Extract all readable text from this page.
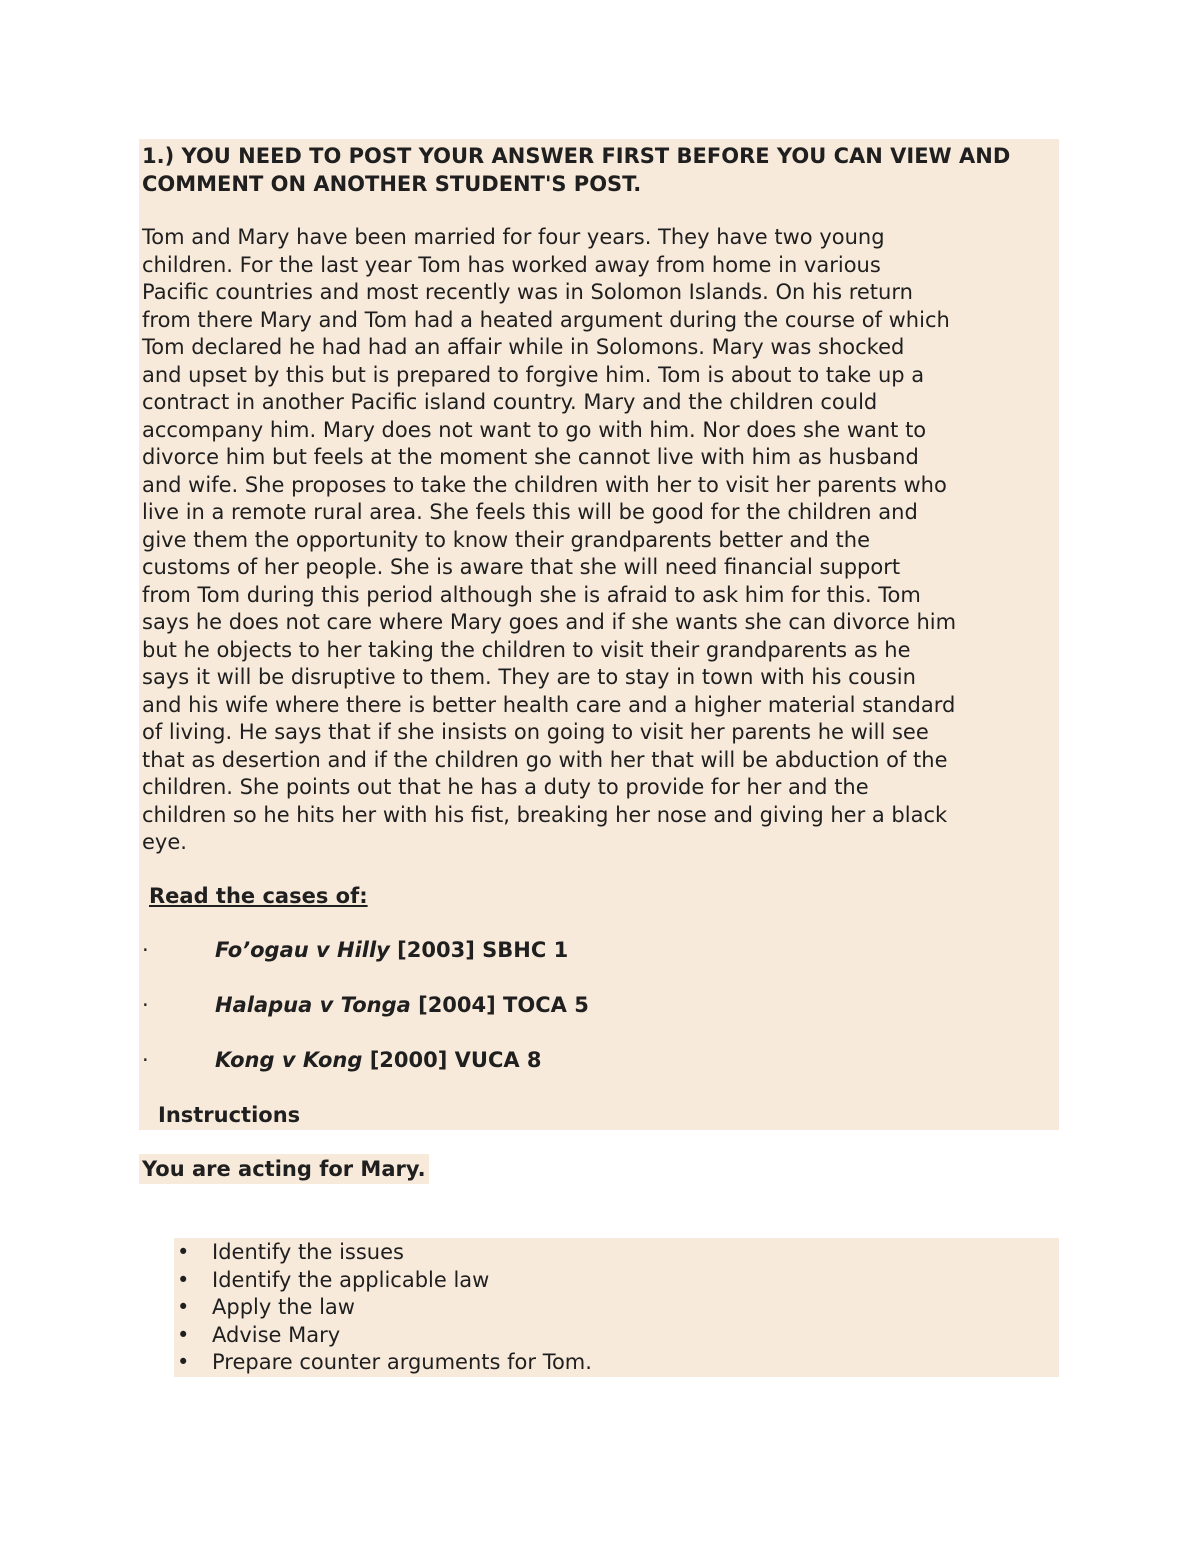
1.) YOU NEED TO POST YOUR ANSWER FIRST BEFORE YOU CAN VIEW AND COMMENT ON ANOTHER STUDENT'S POST.

Tom and Mary have been married for four years. They have two young
children. For the last year Tom has worked away from home in various
Pacific countries and most recently was in Solomon Islands. On his return
from there Mary and Tom had a heated argument during the course of which
Tom declared he had had an affair while in Solomons. Mary was shocked
and upset by this but is prepared to forgive him. Tom is about to take up a
contract in another Pacific island country. Mary and the children could
accompany him. Mary does not want to go with him. Nor does she want to
divorce him but feels at the moment she cannot live with him as husband
and wife. She proposes to take the children with her to visit her parents who
live in a remote rural area. She feels this will be good for the children and
give them the opportunity to know their grandparents better and the
customs of her people. She is aware that she will need financial support
from Tom during this period although she is afraid to ask him for this. Tom
says he does not care where Mary goes and if she wants she can divorce him
but he objects to her taking the children to visit their grandparents as he
says it will be disruptive to them. They are to stay in town with his cousin
and his wife where there is better health care and a higher material standard
of living. He says that if she insists on going to visit her parents he will see
that as desertion and if the children go with her that will be abduction of the
children. She points out that he has a duty to provide for her and the
children so he hits her with his fist, breaking her nose and giving her a black
eye.

Read the cases of:

·	Fo’ogau v Hilly [2003] SBHC 1
·	Halapua v Tonga [2004] TOCA 5
·	Kong v Kong [2000] VUCA 8

Instructions

You are acting for Mary.
• Identify the issues
• Identify the applicable law
• Apply the law
• Advise Mary
• Prepare counter arguments for Tom.
